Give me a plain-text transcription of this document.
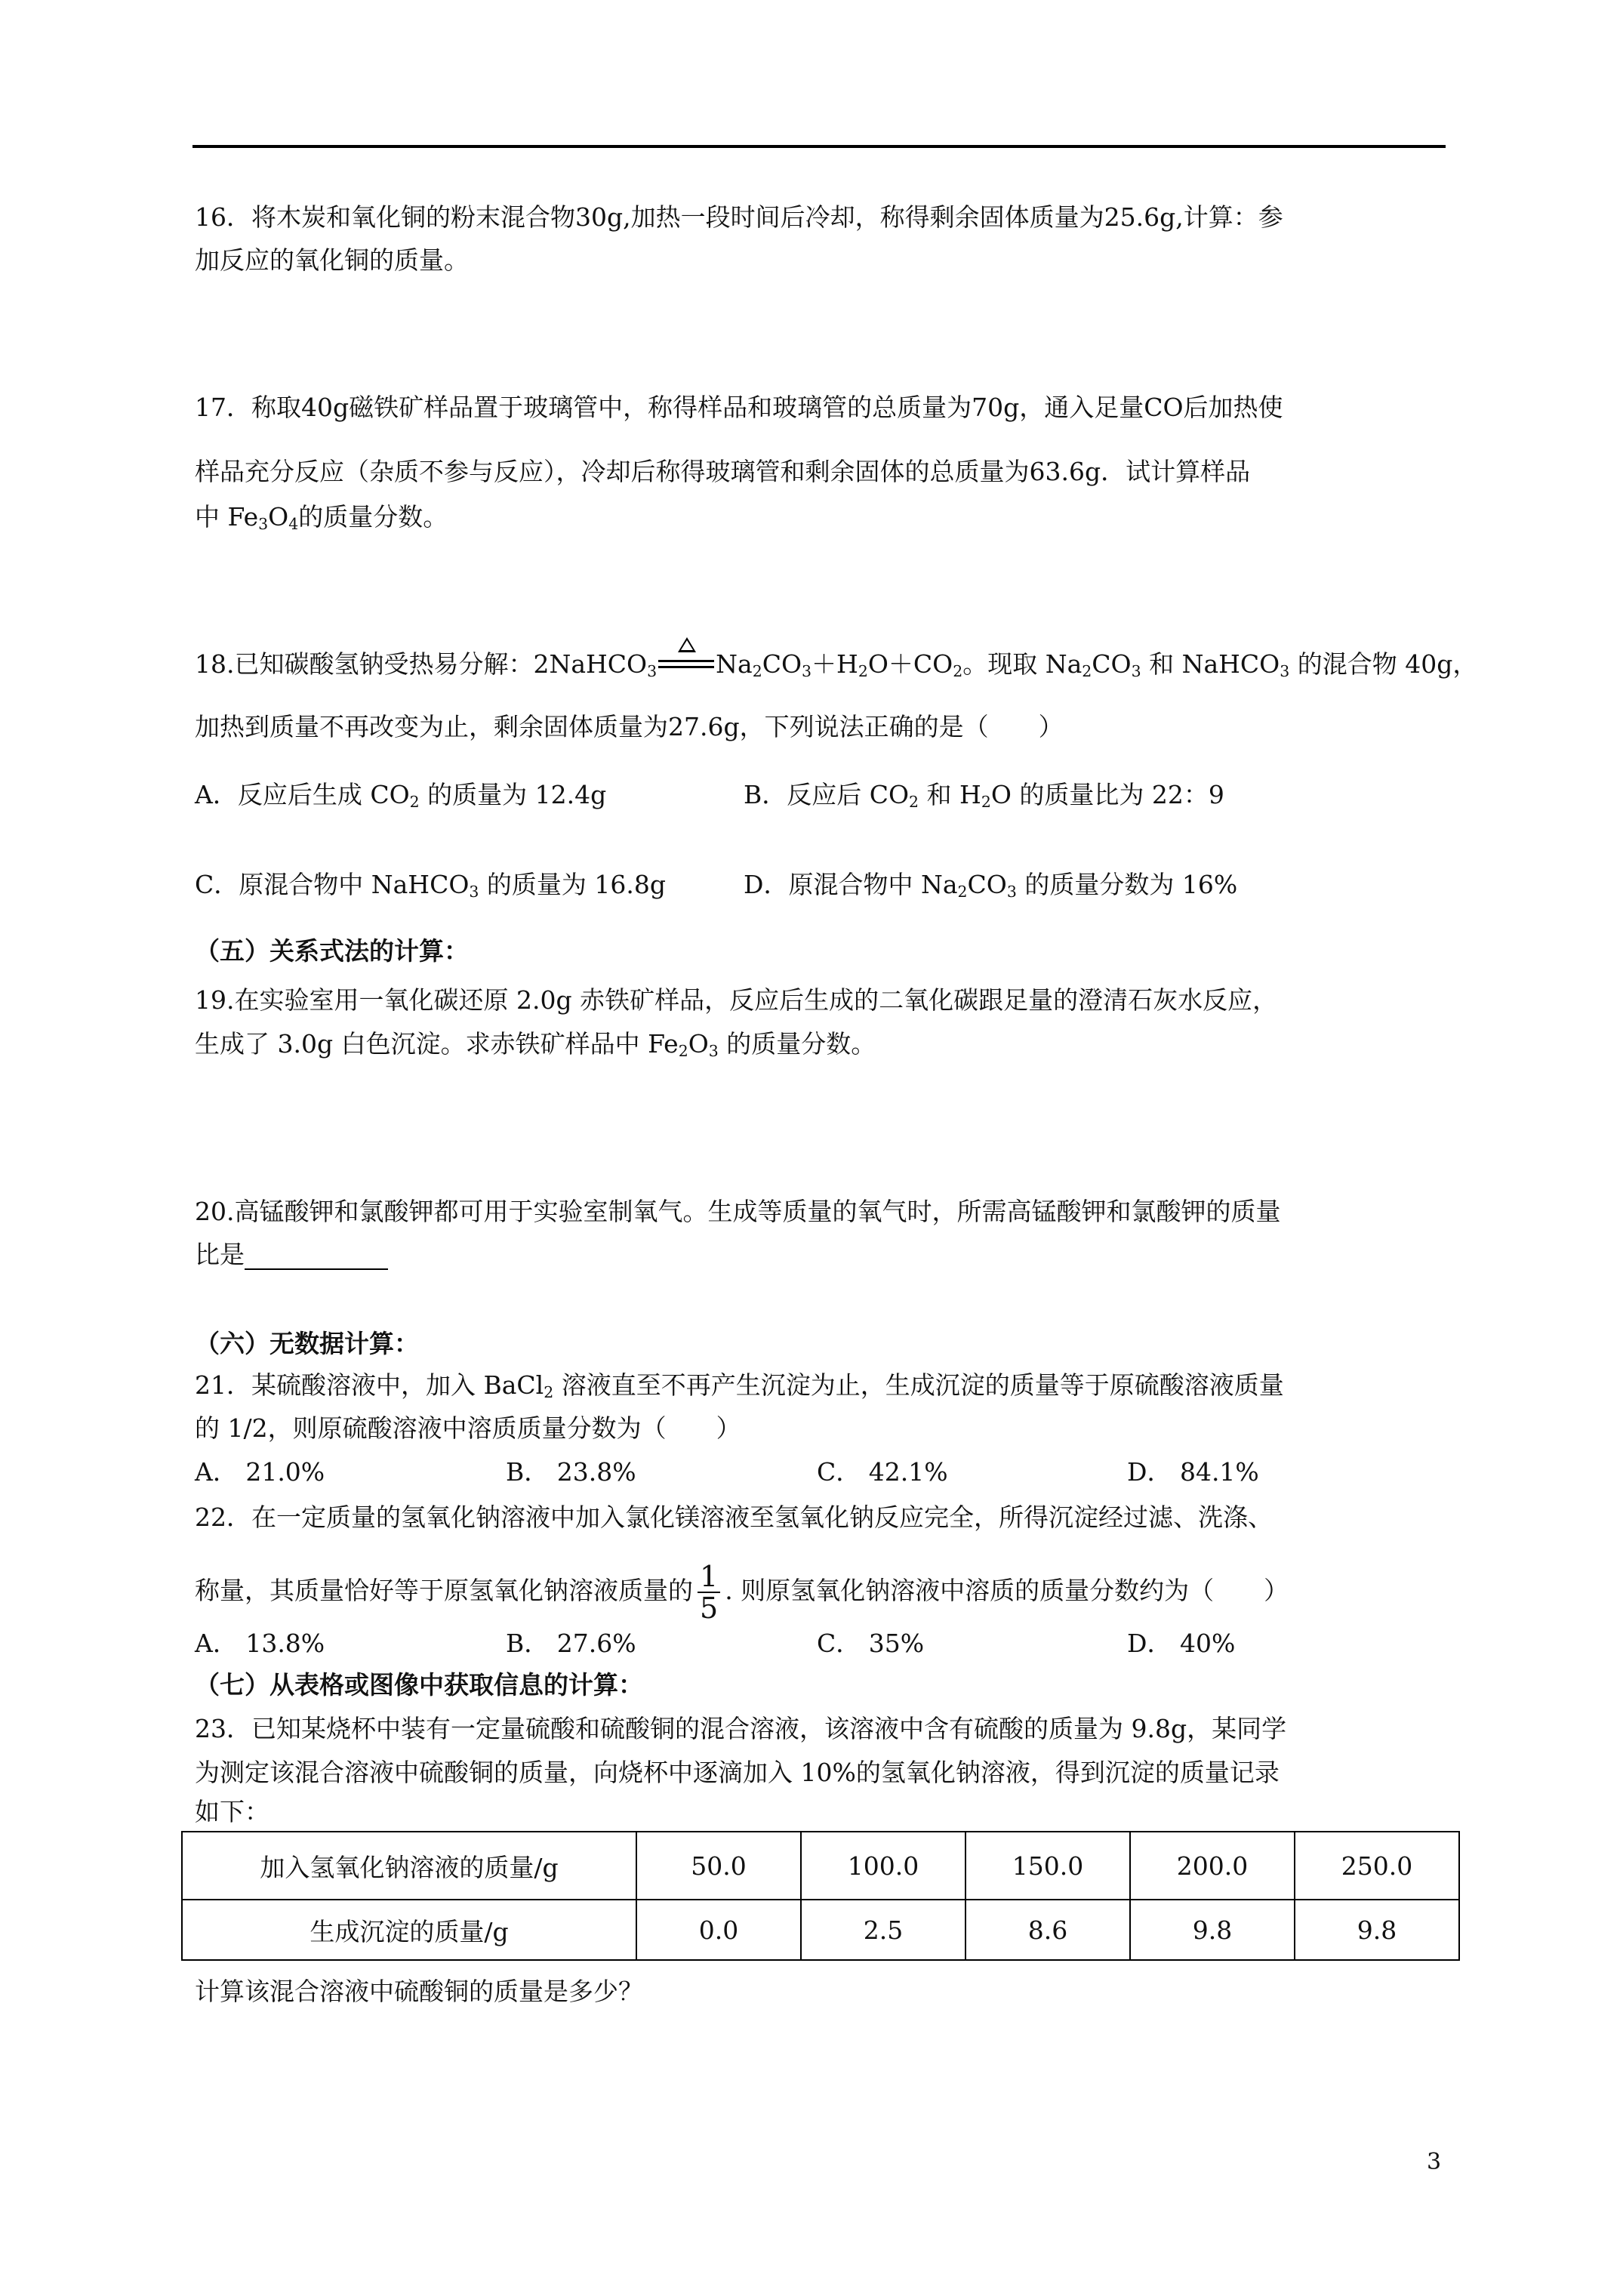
16．将木炭和氧化铜的粉末混合物30g,加热一段时间后冷却，称得剩余固体质量为25.6g,计算：参
加反应的氧化铜的质量。
17．称取40g磁铁矿样品置于玻璃管中，称得样品和玻璃管的总质量为70g，通入足量CO后加热使
样品充分反应（杂质不参与反应），冷却后称得玻璃管和剩余固体的总质量为63.6g．试计算样品
中 $Fe_3O_4$的质量分数。
18.已知碳酸氢钠受热易分解：2NaHCO$_3$ $Na_2CO_3+H_2O+CO_2$。现取 $Na_2CO_3$ 和 NaHCO$_3$ 的混合物 40g，
加热到质量不再改变为止，剩余固体质量为27.6g，下列说法正确的是（　　）
A．反应后生成 $CO_2$ 的质量为 12.4g	B．反应后 $CO_2$ 和 $H_2O$ 的质量比为 22：9
C．原混合物中 NaHCO$_3$ 的质量为 16.8g	D．原混合物中 $Na_2CO_3$ 的质量分数为 16%
（五）关系式法的计算：
19.在实验室用一氧化碳还原 2.0g 赤铁矿样品，反应后生成的二氧化碳跟足量的澄清石灰水反应，
生成了 3.0g 白色沉淀。求赤铁矿样品中 $Fe_2O_3$ 的质量分数。
20.高锰酸钾和氯酸钾都可用于实验室制氧气。生成等质量的氧气时，所需高锰酸钾和氯酸钾的质量
比是
（六）无数据计算：
21．某硫酸溶液中，加入 BaCl$_2$ 溶液直至不再产生沉淀为止，生成沉淀的质量等于原硫酸溶液质量
的 1/2，则原硫酸溶液中溶质质量分数为（　　）
A． 21.0%	B． 23.8%	C． 42.1%	D． 84.1%
22．在一定质量的氢氧化钠溶液中加入氯化镁溶液至氢氧化钠反应完全，所得沉淀经过滤、洗涤、
称量，其质量恰好等于原氢氧化钠溶液质量的 $\frac{1}{5}$ . 则原氢氧化钠溶液中溶质的质量分数约为（　　）
A． 13.8%	B． 27.6%	C． 35%	D． 40%
（七）从表格或图像中获取信息的计算：
23．已知某烧杯中装有一定量硫酸和硫酸铜的混合溶液，该溶液中含有硫酸的质量为 9.8g，某同学
为测定该混合溶液中硫酸铜的质量，向烧杯中逐滴加入 10%的氢氧化钠溶液，得到沉淀的质量记录
如下：
加入氢氧化钠溶液的质量/g	50.0	100.0	150.0	200.0	250.0
生成沉淀的质量/g	0.0	2.5	8.6	9.8	9.8
计算该混合溶液中硫酸铜的质量是多少？
3
